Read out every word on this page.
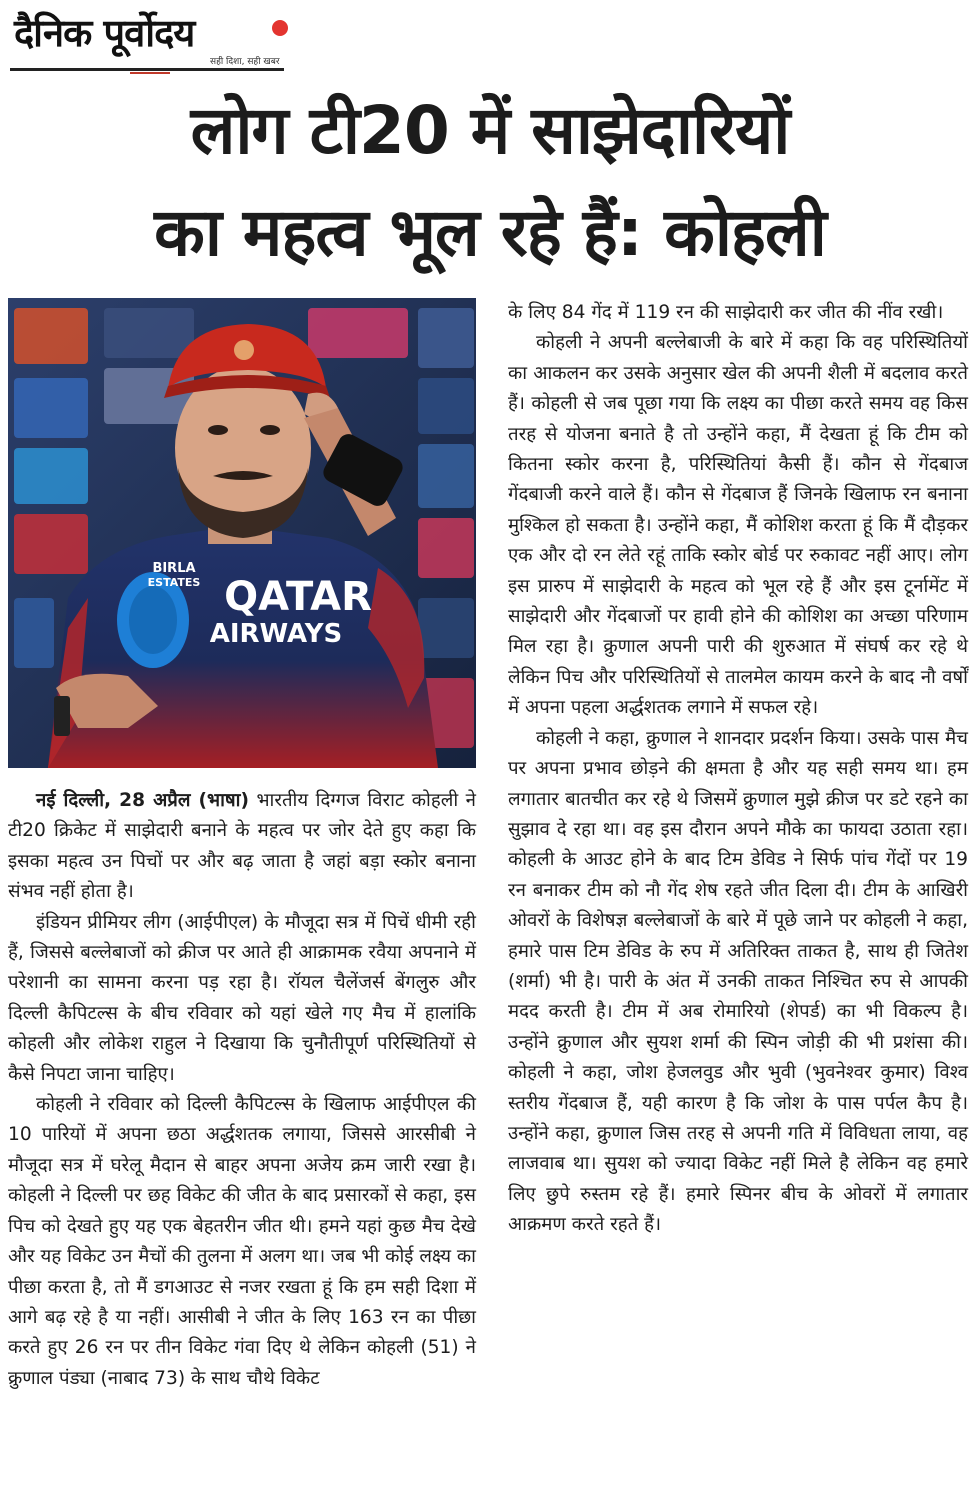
दैनिक पूर्वोदय
सही दिशा, सही खबर
लोग टी20 में साझेदारियों
का महत्व भूल रहे हैं: कोहली
QATAR
AIRWAYS
BIRLA
ESTATES

नई दिल्ली, 28 अप्रैल (भाषा) भारतीय दिग्गज विराट कोहली ने टी20 क्रिकेट में साझेदारी बनाने के महत्व पर जोर देते हुए कहा कि इसका महत्व उन पिचों पर और बढ़ जाता है जहां बड़ा स्कोर बनाना संभव नहीं होता है।

इंडियन प्रीमियर लीग (आईपीएल) के मौजूदा सत्र में पिचें धीमी रही हैं, जिससे बल्लेबाजों को क्रीज पर आते ही आक्रामक रवैया अपनाने में परेशानी का सामना करना पड़ रहा है। रॉयल चैलेंजर्स बेंगलुरु और दिल्ली कैपिटल्स के बीच रविवार को यहां खेले गए मैच में हालांकि कोहली और लोकेश राहुल ने दिखाया कि चुनौतीपूर्ण परिस्थितियों से कैसे निपटा जाना चाहिए।

कोहली ने रविवार को दिल्ली कैपिटल्स के खिलाफ आईपीएल की 10 पारियों में अपना छठा अर्द्धशतक लगाया, जिससे आरसीबी ने मौजूदा सत्र में घरेलू मैदान से बाहर अपना अजेय क्रम जारी रखा है। कोहली ने दिल्ली पर छह विकेट की जीत के बाद प्रसारकों से कहा, इस पिच को देखते हुए यह एक बेहतरीन जीत थी। हमने यहां कुछ मैच देखे और यह विकेट उन मैचों की तुलना में अलग था। जब भी कोई लक्ष्य का पीछा करता है, तो मैं डगआउट से नजर रखता हूं कि हम सही दिशा में आगे बढ़ रहे है या नहीं। आसीबी ने जीत के लिए 163 रन का पीछा करते हुए 26 रन पर तीन विकेट गंवा दिए थे लेकिन कोहली (51) ने क्रुणाल पंड्या (नाबाद 73) के साथ चौथे विकेट

के लिए 84 गेंद में 119 रन की साझेदारी कर जीत की नींव रखी।

कोहली ने अपनी बल्लेबाजी के बारे में कहा कि वह परिस्थितियों का आकलन कर उसके अनुसार खेल की अपनी शैली में बदलाव करते हैं। कोहली से जब पूछा गया कि लक्ष्य का पीछा करते समय वह किस तरह से योजना बनाते है तो उन्होंने कहा, मैं देखता हूं कि टीम को कितना स्कोर करना है, परिस्थितियां कैसी हैं। कौन से गेंदबाज गेंदबाजी करने वाले हैं। कौन से गेंदबाज हैं जिनके खिलाफ रन बनाना मुश्किल हो सकता है। उन्होंने कहा, मैं कोशिश करता हूं कि मैं दौड़कर एक और दो रन लेते रहूं ताकि स्कोर बोर्ड पर रुकावट नहीं आए। लोग इस प्रारुप में साझेदारी के महत्व को भूल रहे हैं और इस टूर्नामेंट में साझेदारी और गेंदबाजों पर हावी होने की कोशिश का अच्छा परिणाम मिल रहा है। क्रुणाल अपनी पारी की शुरुआत में संघर्ष कर रहे थे लेकिन पिच और परिस्थितियों से तालमेल कायम करने के बाद नौ वर्षों में अपना पहला अर्द्धशतक लगाने में सफल रहे।

कोहली ने कहा, क्रुणाल ने शानदार प्रदर्शन किया। उसके पास मैच पर अपना प्रभाव छोड़ने की क्षमता है और यह सही समय था। हम लगातार बातचीत कर रहे थे जिसमें क्रुणाल मुझे क्रीज पर डटे रहने का सुझाव दे रहा था। वह इस दौरान अपने मौके का फायदा उठाता रहा। कोहली के आउट होने के बाद टिम डेविड ने सिर्फ पांच गेंदों पर 19 रन बनाकर टीम को नौ गेंद शेष रहते जीत दिला दी। टीम के आखिरी ओवरों के विशेषज्ञ बल्लेबाजों के बारे में पूछे जाने पर कोहली ने कहा, हमारे पास टिम डेविड के रुप में अतिरिक्त ताकत है, साथ ही जितेश (शर्मा) भी है। पारी के अंत में उनकी ताकत निश्चित रुप से आपकी मदद करती है। टीम में अब रोमारियो (शेपर्ड) का भी विकल्प है। उन्होंने क्रुणाल और सुयश शर्मा की स्पिन जोड़ी की भी प्रशंसा की। कोहली ने कहा, जोश हेजलवुड और भुवी (भुवनेश्वर कुमार) विश्व स्तरीय गेंदबाज हैं, यही कारण है कि जोश के पास पर्पल कैप है। उन्होंने कहा, क्रुणाल जिस तरह से अपनी गति में विविधता लाया, वह लाजवाब था। सुयश को ज्यादा विकेट नहीं मिले है लेकिन वह हमारे लिए छुपे रुस्तम रहे हैं। हमारे स्पिनर बीच के ओवरों में लगातार आक्रमण करते रहते हैं।
